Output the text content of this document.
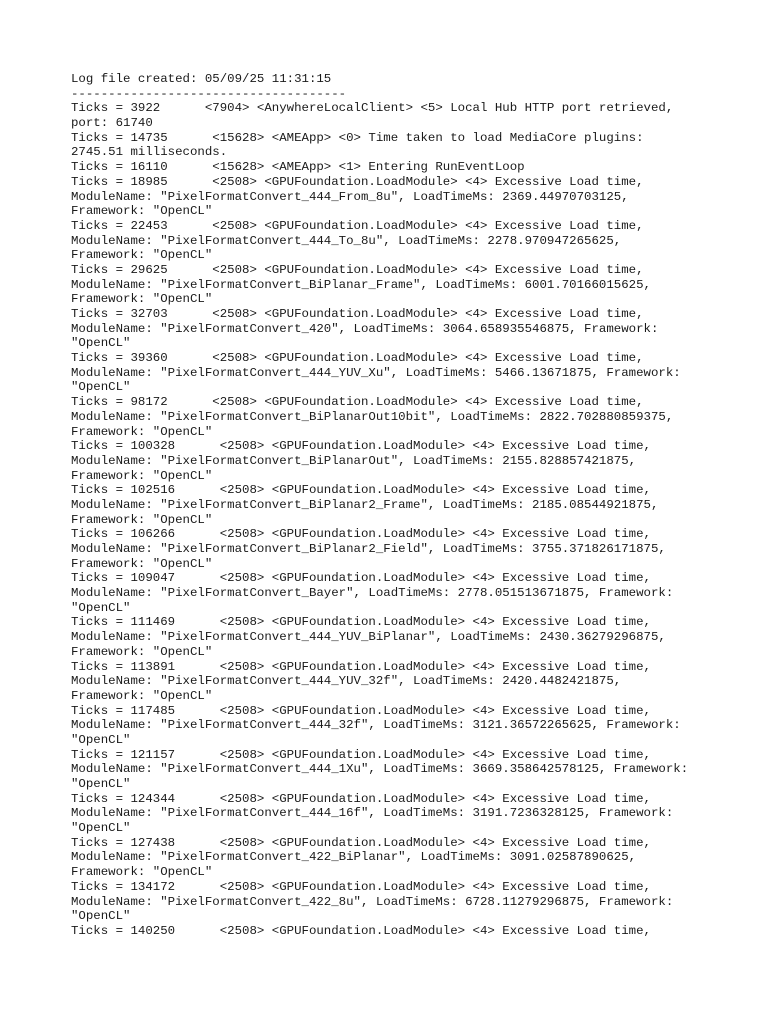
Log file created: 05/09/25 11:31:15
-------------------------------------
Ticks = 3922      <7904> <AnywhereLocalClient> <5> Local Hub HTTP port retrieved,
port: 61740
Ticks = 14735      <15628> <AMEApp> <0> Time taken to load MediaCore plugins:
2745.51 milliseconds.
Ticks = 16110      <15628> <AMEApp> <1> Entering RunEventLoop
Ticks = 18985      <2508> <GPUFoundation.LoadModule> <4> Excessive Load time,
ModuleName: "PixelFormatConvert_444_From_8u", LoadTimeMs: 2369.44970703125,
Framework: "OpenCL"
Ticks = 22453      <2508> <GPUFoundation.LoadModule> <4> Excessive Load time,
ModuleName: "PixelFormatConvert_444_To_8u", LoadTimeMs: 2278.970947265625,
Framework: "OpenCL"
Ticks = 29625      <2508> <GPUFoundation.LoadModule> <4> Excessive Load time,
ModuleName: "PixelFormatConvert_BiPlanar_Frame", LoadTimeMs: 6001.70166015625,
Framework: "OpenCL"
Ticks = 32703      <2508> <GPUFoundation.LoadModule> <4> Excessive Load time,
ModuleName: "PixelFormatConvert_420", LoadTimeMs: 3064.658935546875, Framework:
"OpenCL"
Ticks = 39360      <2508> <GPUFoundation.LoadModule> <4> Excessive Load time,
ModuleName: "PixelFormatConvert_444_YUV_Xu", LoadTimeMs: 5466.13671875, Framework:
"OpenCL"
Ticks = 98172      <2508> <GPUFoundation.LoadModule> <4> Excessive Load time,
ModuleName: "PixelFormatConvert_BiPlanarOut10bit", LoadTimeMs: 2822.702880859375,
Framework: "OpenCL"
Ticks = 100328      <2508> <GPUFoundation.LoadModule> <4> Excessive Load time,
ModuleName: "PixelFormatConvert_BiPlanarOut", LoadTimeMs: 2155.828857421875,
Framework: "OpenCL"
Ticks = 102516      <2508> <GPUFoundation.LoadModule> <4> Excessive Load time,
ModuleName: "PixelFormatConvert_BiPlanar2_Frame", LoadTimeMs: 2185.08544921875,
Framework: "OpenCL"
Ticks = 106266      <2508> <GPUFoundation.LoadModule> <4> Excessive Load time,
ModuleName: "PixelFormatConvert_BiPlanar2_Field", LoadTimeMs: 3755.371826171875,
Framework: "OpenCL"
Ticks = 109047      <2508> <GPUFoundation.LoadModule> <4> Excessive Load time,
ModuleName: "PixelFormatConvert_Bayer", LoadTimeMs: 2778.051513671875, Framework:
"OpenCL"
Ticks = 111469      <2508> <GPUFoundation.LoadModule> <4> Excessive Load time,
ModuleName: "PixelFormatConvert_444_YUV_BiPlanar", LoadTimeMs: 2430.36279296875,
Framework: "OpenCL"
Ticks = 113891      <2508> <GPUFoundation.LoadModule> <4> Excessive Load time,
ModuleName: "PixelFormatConvert_444_YUV_32f", LoadTimeMs: 2420.4482421875,
Framework: "OpenCL"
Ticks = 117485      <2508> <GPUFoundation.LoadModule> <4> Excessive Load time,
ModuleName: "PixelFormatConvert_444_32f", LoadTimeMs: 3121.36572265625, Framework:
"OpenCL"
Ticks = 121157      <2508> <GPUFoundation.LoadModule> <4> Excessive Load time,
ModuleName: "PixelFormatConvert_444_1Xu", LoadTimeMs: 3669.358642578125, Framework:
"OpenCL"
Ticks = 124344      <2508> <GPUFoundation.LoadModule> <4> Excessive Load time,
ModuleName: "PixelFormatConvert_444_16f", LoadTimeMs: 3191.7236328125, Framework:
"OpenCL"
Ticks = 127438      <2508> <GPUFoundation.LoadModule> <4> Excessive Load time,
ModuleName: "PixelFormatConvert_422_BiPlanar", LoadTimeMs: 3091.02587890625,
Framework: "OpenCL"
Ticks = 134172      <2508> <GPUFoundation.LoadModule> <4> Excessive Load time,
ModuleName: "PixelFormatConvert_422_8u", LoadTimeMs: 6728.11279296875, Framework:
"OpenCL"
Ticks = 140250      <2508> <GPUFoundation.LoadModule> <4> Excessive Load time,
